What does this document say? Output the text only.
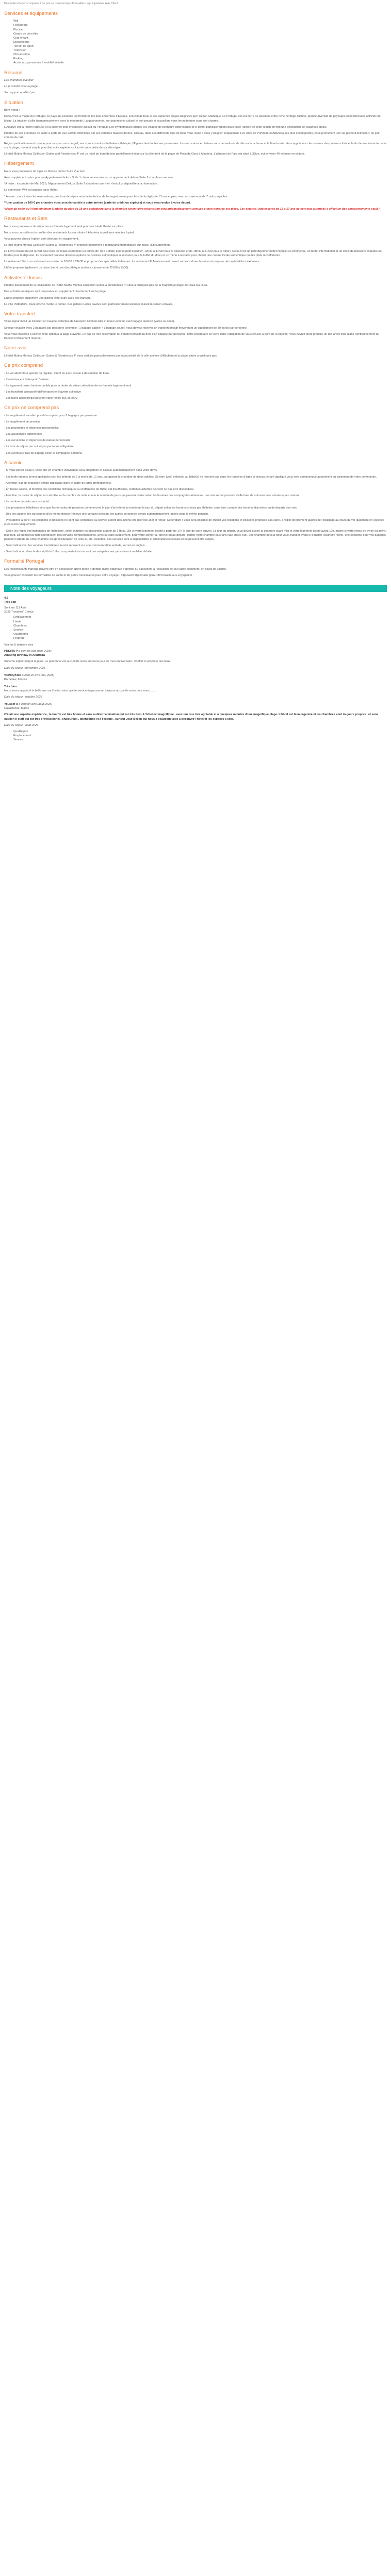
Description Ce prix comprend / Ce prix ne comprend pas Formalités Logo tripadvisor Avis Client
Services et équipements
• Wifi
• Restaurant
• Piscine
• Centre de bien-être
• Club enfant
• Discothèque
• Terrain de sport
• Télévision
• Climatisation
• Parking
• Accès aux personnes à mobilité réduite
Résumé

Les chambres vue mer

La proximité avec la plage

Son rapport qualité / prix

Situation

Bem-Vindo !

Découvrez la magie du Portugal, ce pays qui possède les frontières les plus anciennes d'Europe, son climat doux et ses superbes plages baignées par l'Océan Atlantique. Le Portugal est une terre de passions entre riche héritage culturel, grande diversité de paysages et nombreuses activités de loisirs. La tradition s'allie harmonieusement avec la modernité. La gastronomie, son patrimoine culturel et son peuple si accueillant vous feront tomber sous son charme.

L'Algarve est la région radieuse et la superbe côte ensoleillée au sud du Portugal. Les sympathiques plages, les villages de pêcheurs pittoresques et le climat particulièrement doux toute l'année de cette région en font une destination de vacances idéale.

Profitez de ses étendues de sable à perte de vue parfois délimitées par ses célèbres falaises dorées. Cicolas, dans ses différents tons de bleu, vous invite à vous y baigner longuement. Les villes de Portimão et Albufeira, les plus cosmopolites, vous promettent une vie pleine d'animation, de jour comme de nuit.

Région particulièrement connue pour ses parcours de golf, ses spas et centres de thalassothérapie, l'Algarve tient toutes ses promesses. Les excursions en bateau vous permettront de découvrir la faune et la flore locale. Vous apprécierez les saveurs des poissons frais et fruits de mer à une terrasse sur la plage, moment simple pour finir votre expérience lors de votre visite dans cette région.

L'Hôtel Muthu Monica Collection Suites and Residences 4* est un hôtel de bord de mer partiellement situé sur la côte dont de la plage de Praia da Oura à Albufeira. L'aéroport de Faro est situé à 38km, soit environ 40 minutes en voiture.

Hébergement

Nous vous proposons de loger en Deluxe Junior Suite Vue mer

Avec supplément optez pour un Appartement deluxe Suite 1 chambre vue mer ou un appartement deluxe Suite 2 chambres vue mer

*A noter : à compter de Mai 2025, l'Appartement Deluxe Suite 2 chambres vue mer n'est plus disponible à la réservation.

La connexion Wifi est gratuite dans l'hôtel.

* A noter : pour toutes les réservations, une taxe de séjour sera facturée lors de l'enregistrement pour les clients âgés de 13 ans et plus, avec un maximum de 7 nuits payables.

**Une caution de 100 € par chambre vous sera demandée à votre arrivée (carte de crédit ou espèces) et vous sera rendue à votre départ.

*Merci de noter qu'il faut minimum 5 adulte du plus de 18 ans obligatoire dans la chambre sinon votre réservation sera automatiquement annulée et non honorée sur place. Les enfants / adolescents de 13 à 17 ans ne sont pas autorisés à effectuer des enregistrements seuls.*

Restaurants et Bars

Nous vous proposons de séjourner en formule logement seul pour une totale liberté sur place.

Nous vous conseillons de profiter des restaurants locaux situés à Albufeira à quelques minutes à pied.

Vous pourrez choisir l'option petit déjeuner en supplément.

L'Hôtel Muthu Monica Collection Suites & Résidences 4* propose également 3 restaurants thématiques sur place. (En supplément)

Le Lav's restaurant est ouvert pour tous les repas et propose un buffet (de 7h à 10h30) pour le petit déjeuner, 12h30 à 14h30 pour le déjeuner et de 18h30 à 21h30 pour le dîner). Celui-ci est un petit déjeuner buffet complet et continental, un buffet international et un choix de boissons chaudes ou froides pour le déjeuner. Le restaurant propose diverses options de cuisines authentiques à savourer pour le buffet du dîner et un menu à la Carte pour choisir une cuisine locale authentique ou des plats réconfortants.

Le restaurant Terrazzo est ouvert en soirée de 18h30 à 21h30 et propose des spécialités italiennes. Le restaurant El Mexicano est ouvert sur les mêmes horaires et propose des spécialités mexicaines.

L'hôtel propose également un piano bar et une discothèque ambiance (ouverte de 22h30 à 2h30).

Activités et loisirs

Profitez pleinement de la localisation de l'hôtel Muthu Monica Collection Suites & Résidences 4* situé à quelques pas de la magnifique plage de Praia Da Oura.

Des activités nautiques sont proposées en supplément directement sur la plage.

L'hôtel propose également une piscine extérieure avec des transats.

La ville d'Albufeira, toute proche mérite le détour. Ses petites ruelles pavées sont particulièrement animées durant la saison estivale.

Votre transfert

Votre séjour inclut un transfert en navette collective de l'aéroport à l'hôtel aller et retour avec un seul bagage autorisé (valise ou sacs).

Si vous voyagez avec 2 bagages par personne (exemple : 1 bagage cabine + 1 bagage soute), vous devrez réserver un transfert privatif moyennant un supplément de 50 euros par personne.

Vous vous inviterez à cocher cette option à la page suivante. En cas de non-réservation du transfert privatif au delà d'un bagage par personne, notre prestataire se verra dans l'obligation de vous refuser à bord de la navette. Vous devrez alors prendre un taxi à vos frais (sans remboursement du transfert initialement réservé).

Notre avis

L'Hôtel Muthu Monica Collection Suites & Résidences 4* vous séduira particulièrement par sa proximité de la ville animée d'Albufeira et la plage située à quelques pas.

Ce prix comprend

- Le vol aller/retour spécial ou régulier, direct ou avec escale à destination de Faro

- L'assistance à l'aéroport d'arrivée

- Le logement base chambre double pour la durée de séjour sélectionnée en formule logement seul

- Les transferts aéroport/hôtel/aéroport en Navette collective

- Les taxes aéroport qui peuvent varier entre 30€ et 200€.

Ce prix ne comprend pas

- Le supplément transfert privatif en option pour 2 bagages par personne

- Le supplément de pension

- Les pourboires et dépenses personnelles

- Les assurances optionnelles

- Les excursions et dépenses de nature personnelle

- La taxe de séjour par nuit et par personne obligatoire

- Les éventuels frais de bagage selon la compagnie aérienne

A savoir

- Si vous partez seul(e), votre prix en chambre individuelle sera obligatoire et calculé automatiquement dans votre devis.

- Les tarifs enfants seront appliqués pour les enfants de 2 à moins de 12 ans, partageant la chambre de deux adultes. Si votre (vos) enfant(s) au bébé(s) ne rentrent pas dans les tranches d'âges ci-dessus, le tarif appliqué vous sera communiqué au moment du traitement de votre commande.

- Attention, pas de réduction enfant applicable dans le cadre de tarifs promotionnels.

- En basse saison, et fonction des conditions climatiques ou d'affluence de l'hôtel est insuffisante, certaines activités peuvent ne pas être disponibles.

- Attention, la durée du séjour est calculée sur le nombre de nuits et non le nombre de jours qui peuvent varier selon les horaires des compagnies aériennes. Les vols retour pourront s'effectuer de nuit avec une arrivée le jour suivant.

- Le nombre de nuits sera respecté.

- Les prestations hôtelières ainsi que les formules de pensions commencent le jour d'arrivée et se terminent le jour du départ selon les horaires choisis par l'hôtelier, sans tenir compte des horaires d'arrivées ou de départs des vols.

- Dès lors qu'une des personnes d'un même dossier réserve une certaine pension, les autres personnes seront automatiquement logées sous la même pension.

- Prestations à bord : les collations et boissons ne sont pas comprises au service à bord des avions lors des vols aller et retour. Cependant il vous sera possible de choisir vos collations et boissons proposés à la carte, à régler directement auprès de l'équipage au cours du vol (paiement en espèces et en euros uniquement).

- Selon les règles internationales de l'hôtellerie, votre chambre est disponible à partir de 14h ou 15h et votre logement locatif à partir de 17h le jour de votre arrivée. Le jour du départ, vous devez quitter la chambre avant midi et votre logement locatif avant 10h, même si votre retour en avion est prévu plus tard. De nombreux hôtels proposent des services complémentaires, avec ou sans supplément, pour votre confort à l'arrivée ou au départ : garder votre chambre plus tard (late check-out), une chambre de jour pour vous changer avant le transfert (courtesy room), une consigne pour vos bagages pendant l'attente de votre chambre ou après libération de celle-ci, etc. Toutefois, ces services sont à disponibilités et circonstances locales et ne peuvent être exigés.

- Seuil indicatives, les services touristiques fournis reposent sur une communication verbale, seront en anglais.

- Seuil indication dans le descriptif de l'offre, nos prestations ne sont pas adaptées aux personnes à mobilité réduite.

Formalité Portugal

Les ressortissants français doivent être en possession d'une pièce d'identité (carte nationale d'identité ou passeport, à l'exclusion de tout autre document) en cours de validité.

Vous pouvez consulter les formalités de santé et de police nécessaires pour votre voyage : http://www.diplomatie.gouv.fr/fr/conseils-aux-voyageurs/

Note des voyageurs

4.9

Très bon

Sont sur 111 Avis

2025 Travelers' Choice

• Emplacement
• Literie
• Chambres
• Service
• Qualité/prix
• Propreté

Voir les 5 derniers avis

PREIRA P a écrit un avis (nov. 2025)

Amazing birthday in Albufeira

Superbe séjour malgré la pluie. Le personnel est aux petits soins surtout le jour de mon anniversaire. Confort et propreté des lieux.

Date du séjour : novembre 2025

V4790QKmb a écrit un avis (oct. 2025)

Bordeaux, France

Très bien

Nous avons apprécié la belle vue sur l'océan ainsi que le service du personnel toujours aux petits soins pour nous.........

Date du séjour : octobre 2025

Youssef A a écrit un avis (août 2025)

Casablanca, Maroc

C'était une superbe expérience , la bouffe est très bonne et sans oublier l'animation qui est très bien. L'hôtel est magnifique , avec une vue très agréable et à quelques minutes d'une magnifique plage. L'hôtel est bien organisé et les chambres sont toujours propres , et sans oublier le staff qui est très professionnel , chaleureux , attentionné et à l'écoute , surtout Jeão Bellen qui nous a beaucoup aidé à découvrir l'hôtel et les espaces à côté.

Date du séjour : août 2025

• Qualité/prix
• Emplacement
• Service
